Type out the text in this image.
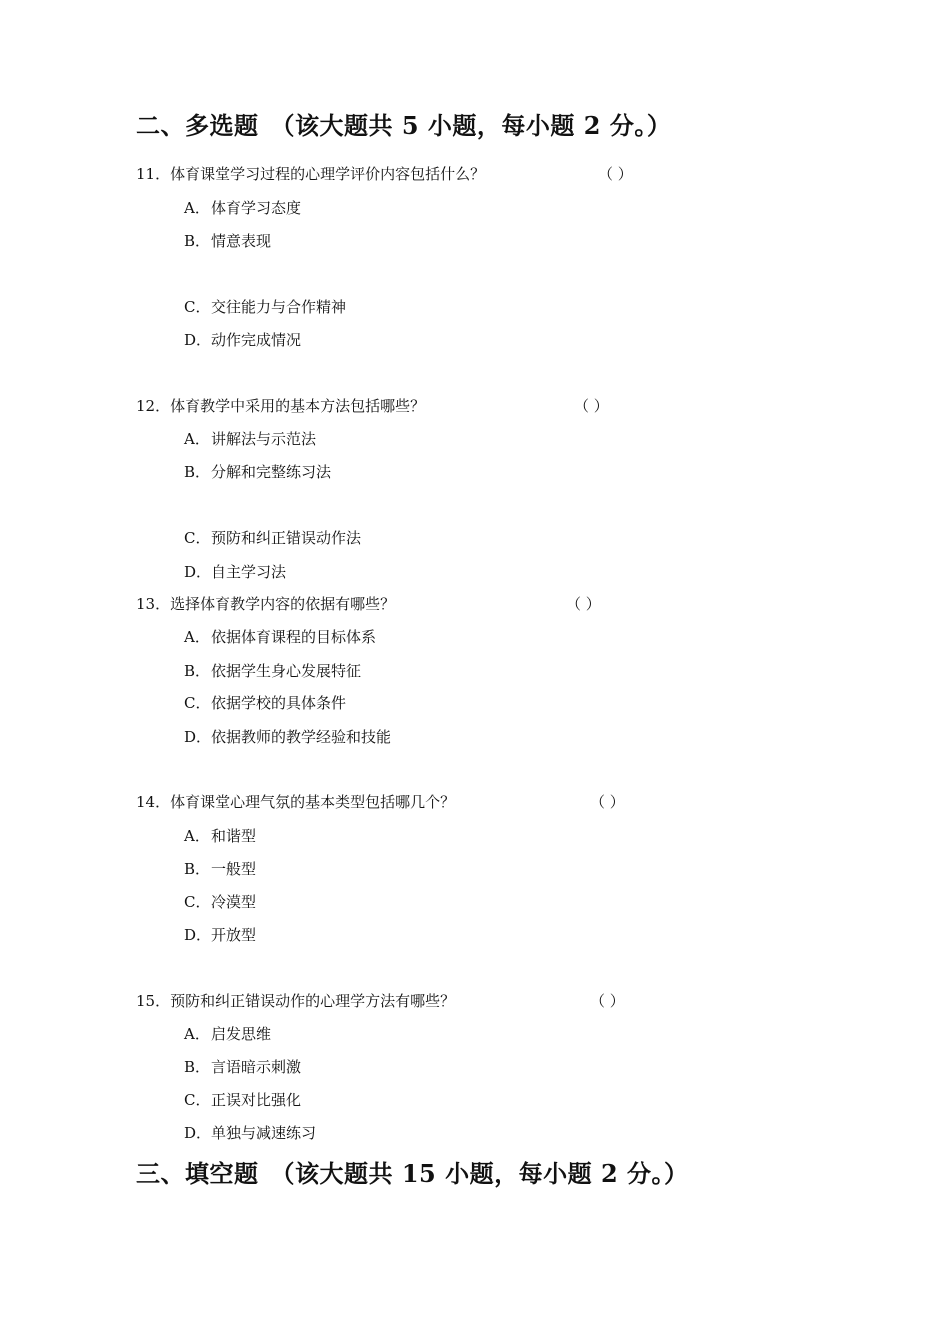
二、多选题 （该大题共 5 小题，每小题 2 分。）
11．体育课堂学习过程的心理学评价内容包括什么？	（ ）
A．体育学习态度
B．情意表现
C．交往能力与合作精神
D．动作完成情况
12．体育教学中采用的基本方法包括哪些？	（ ）
A．讲解法与示范法
B．分解和完整练习法
C．预防和纠正错误动作法
D．自主学习法
13．选择体育教学内容的依据有哪些？	（ ）
A．依据体育课程的目标体系
B．依据学生身心发展特征
C．依据学校的具体条件
D．依据教师的教学经验和技能
14．体育课堂心理气氛的基本类型包括哪几个？	（ ）
A．和谐型
B．一般型
C．冷漠型
D．开放型
15．预防和纠正错误动作的心理学方法有哪些？	（ ）
A．启发思维
B．言语暗示刺激
C．正误对比强化
D．单独与减速练习
三、填空题 （该大题共 15 小题，每小题 2 分。）
